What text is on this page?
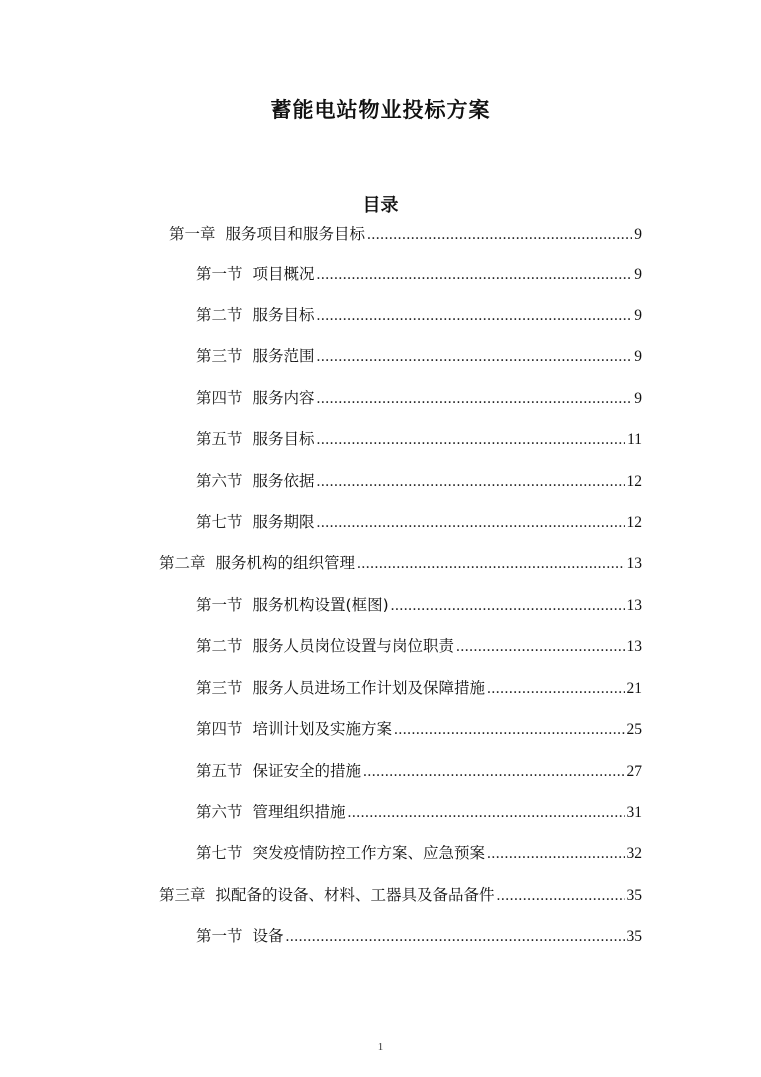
蓄能电站物业投标方案
目录
第一章 服务项目和服务目标 .....	9
第一节 项目概况 .....	9
第二节 服务目标 .....	9
第三节 服务范围 .....	9
第四节 服务内容 .....	9
第五节 服务目标 .....	11
第六节 服务依据 .....	12
第七节 服务期限 .....	12
第二章 服务机构的组织管理 .....	13
第一节 服务机构设置(框图) .....	13
第二节 服务人员岗位设置与岗位职责 .....	13
第三节 服务人员进场工作计划及保障措施 .....	21
第四节 培训计划及实施方案 .....	25
第五节 保证安全的措施 .....	27
第六节 管理组织措施 .....	31
第七节 突发疫情防控工作方案、应急预案 .....	32
第三章 拟配备的设备、材料、工器具及备品备件 .....	35
第一节 设备 .....	35
1
